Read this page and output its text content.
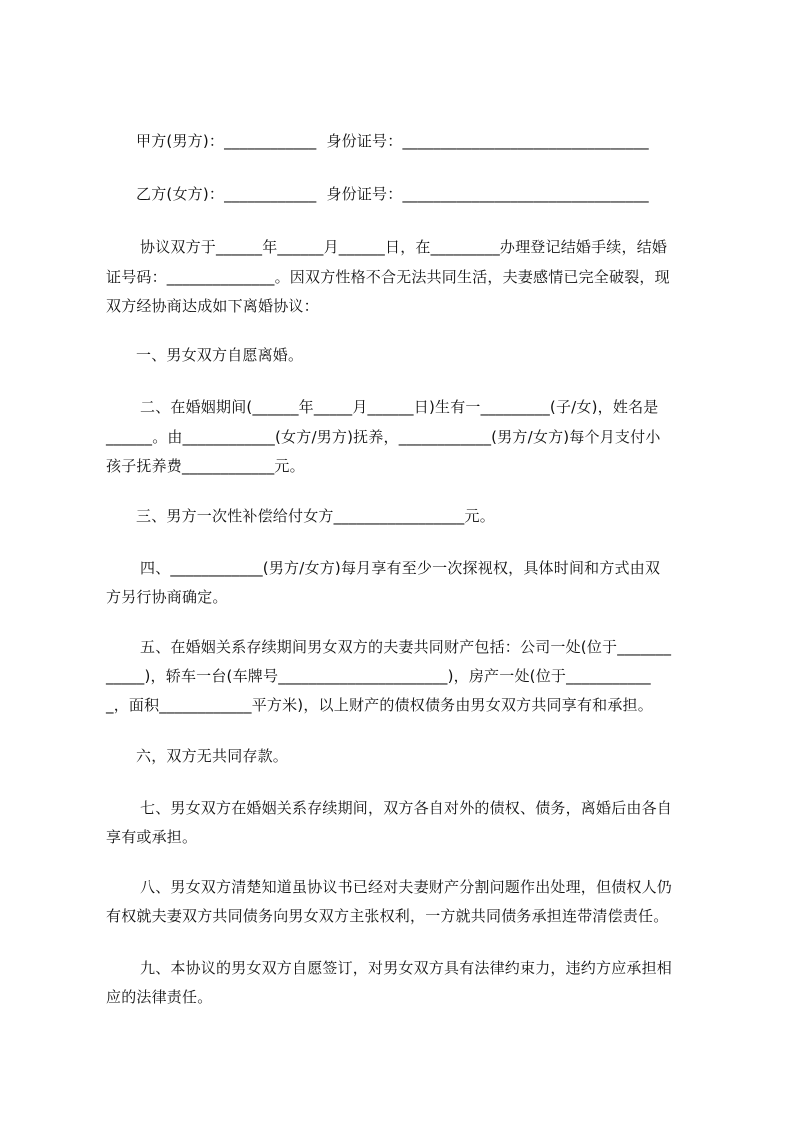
甲方(男方)：____________  身份证号：________________________________
乙方(女方)：____________  身份证号：________________________________
协议双方于______年______月______日，在_________办理登记结婚手续，结婚
证号码：______________。因双方性格不合无法共同生活，夫妻感情已完全破裂，现
双方经协商达成如下离婚协议：
一、男女双方自愿离婚。
二、在婚姻期间(______年_____月______日)生有一_________(子/女)，姓名是
______。由____________(女方/男方)抚养，____________(男方/女方)每个月支付小
孩子抚养费____________元。
三、男方一次性补偿给付女方_________________元。
四、____________(男方/女方)每月享有至少一次探视权，具体时间和方式由双
方另行协商确定。
五、在婚姻关系存续期间男女双方的夫妻共同财产包括：公司一处(位于_______
_____)，轿车一台(车牌号______________________)，房产一处(位于___________
_，面积____________平方米)，以上财产的债权债务由男女双方共同享有和承担。
六，双方无共同存款。
七、男女双方在婚姻关系存续期间，双方各自对外的债权、债务，离婚后由各自
享有或承担。
八、男女双方清楚知道虽协议书已经对夫妻财产分割问题作出处理，但债权人仍
有权就夫妻双方共同债务向男女双方主张权利，一方就共同债务承担连带清偿责任。
九、本协议的男女双方自愿签订，对男女双方具有法律约束力，违约方应承担相
应的法律责任。
